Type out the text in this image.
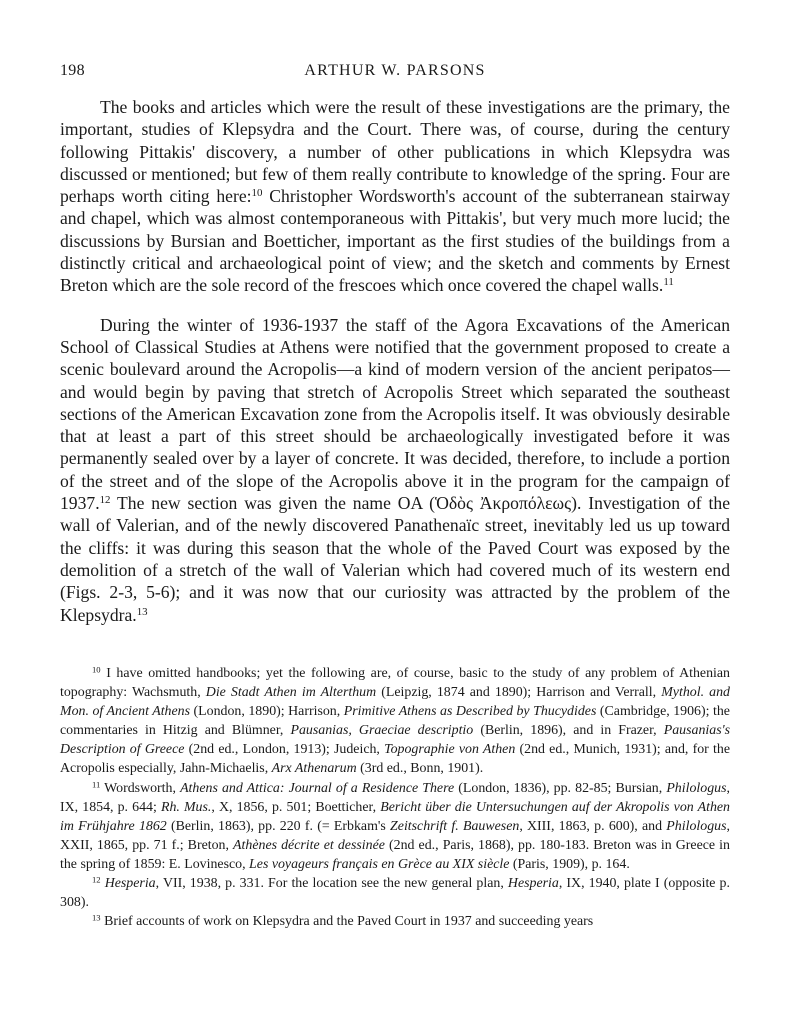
198	ARTHUR W. PARSONS

The books and articles which were the result of these investigations are the primary, the important, studies of Klepsydra and the Court. There was, of course, during the century following Pittakis' discovery, a number of other publications in which Klepsydra was discussed or mentioned; but few of them really contribute to knowledge of the spring. Four are perhaps worth citing here:$^{10}$ Christopher Wordsworth's account of the subterranean stairway and chapel, which was almost contemporaneous with Pittakis', but very much more lucid; the discussions by Bursian and Boetticher, important as the first studies of the buildings from a distinctly critical and archaeological point of view; and the sketch and comments by Ernest Breton which are the sole record of the frescoes which once covered the chapel walls.$^{11}$

During the winter of 1936-1937 the staff of the Agora Excavations of the American School of Classical Studies at Athens were notified that the government proposed to create a scenic boulevard around the Acropolis—a kind of modern version of the ancient peripatos—and would begin by paving that stretch of Acropolis Street which separated the southeast sections of the American Excavation zone from the Acropolis itself. It was obviously desirable that at least a part of this street should be archaeologically investigated before it was permanently sealed over by a layer of concrete. It was decided, therefore, to include a portion of the street and of the slope of the Acropolis above it in the program for the campaign of 1937.12 The new section was given the name OA (Ὁδὸς Ἀκροπόλεως). Investigation of the wall of Valerian, and of the newly discovered Panathenaïc street, inevitably led us up toward the cliffs: it was during this season that the whole of the Paved Court was exposed by the demolition of a stretch of the wall of Valerian which had covered much of its western end (Figs. 2-3, 5-6); and it was now that our curiosity was attracted by the problem of the Klepsydra.$^{13}$

$^{10}$ I have omitted handbooks; yet the following are, of course, basic to the study of any problem of Athenian topography: Wachsmuth, Die Stadt Athen im Alterthum (Leipzig, 1874 and 1890); Harrison and Verrall, Mythol. and Mon. of Ancient Athens (London, 1890); Harrison, Primitive Athens as Described by Thucydides (Cambridge, 1906); the commentaries in Hitzig and Blümner, Pausanias, Graeciae descriptio (Berlin, 1896), and in Frazer, Pausanias's Description of Greece (2nd ed., London, 1913); Judeich, Topographie von Athen (2nd ed., Munich, 1931); and, for the Acropolis especially, Jahn-Michaelis, Arx Athenarum (3rd ed., Bonn, 1901).

$^{11}$ Wordsworth, Athens and Attica: Journal of a Residence There (London, 1836), pp. 82-85; Bursian, Philologus, IX, 1854, p. 644; Rh. Mus., X, 1856, p. 501; Boetticher, Bericht über die Untersuchungen auf der Akropolis von Athen im Frühjahre 1862 (Berlin, 1863), pp. 220 f. (= Erbkam's Zeitschrift f. Bauwesen, XIII, 1863, p. 600), and Philologus, XXII, 1865, pp. 71 f.; Breton, Athènes décrite et dessinée (2nd ed., Paris, 1868), pp. 180-183. Breton was in Greece in the spring of 1859: E. Lovinesco, Les voyageurs français en Grèce au XIX siècle (Paris, 1909), p. 164.

$^{12}$ Hesperia, VII, 1938, p. 331. For the location see the new general plan, Hesperia, IX, 1940, plate I (opposite p. 308).

$^{13}$ Brief accounts of work on Klepsydra and the Paved Court in 1937 and succeeding years
